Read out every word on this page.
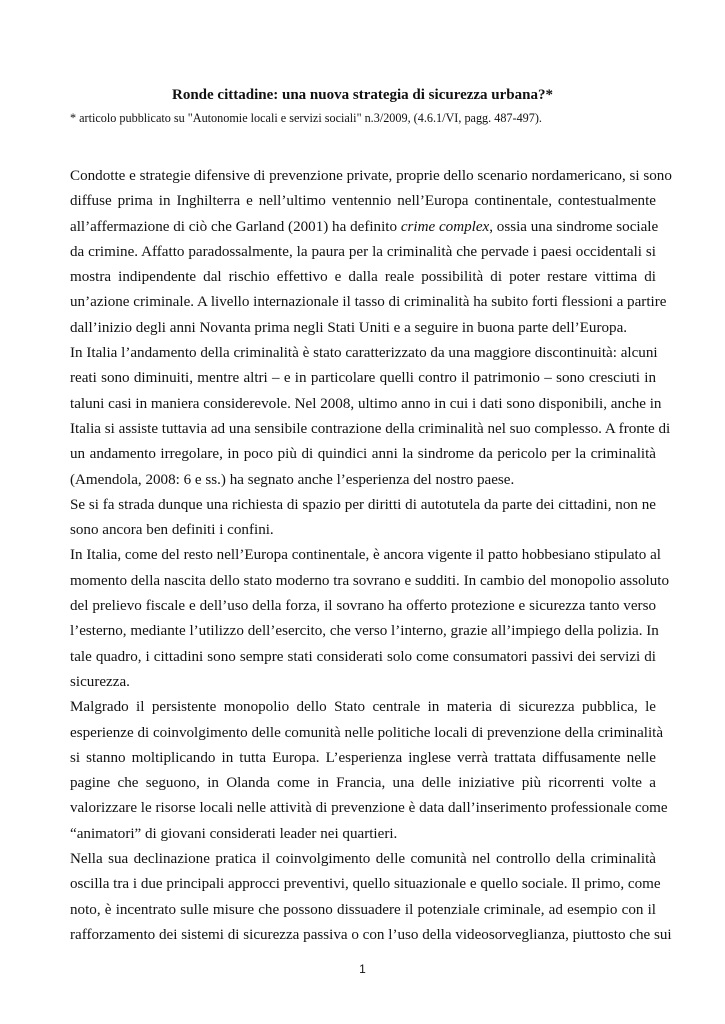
Ronde cittadine: una nuova strategia di sicurezza urbana?*
* articolo pubblicato su "Autonomie locali e servizi sociali" n.3/2009, (4.6.1/VI, pagg. 487-497).

Condotte e strategie difensive di prevenzione private, proprie dello scenario nordamericano, si sono
diffuse prima in Inghilterra e nell’ultimo ventennio nell’Europa continentale, contestualmente
all’affermazione di ciò che Garland (2001) ha definito crime complex, ossia una sindrome sociale
da crimine. Affatto paradossalmente, la paura per la criminalità che pervade i paesi occidentali si
mostra indipendente dal rischio effettivo e dalla reale possibilità di poter restare vittima di
un’azione criminale. A livello internazionale il tasso di criminalità ha subito forti flessioni a partire
dall’inizio degli anni Novanta prima negli Stati Uniti e a seguire in buona parte dell’Europa.

In Italia l’andamento della criminalità è stato caratterizzato da una maggiore discontinuità: alcuni
reati sono diminuiti, mentre altri – e in particolare quelli contro il patrimonio – sono cresciuti in
taluni casi in maniera considerevole. Nel 2008, ultimo anno in cui i dati sono disponibili, anche in
Italia si assiste tuttavia ad una sensibile contrazione della criminalità nel suo complesso. A fronte di
un andamento irregolare, in poco più di quindici anni la sindrome da pericolo per la criminalità
(Amendola, 2008: 6 e ss.) ha segnato anche l’esperienza del nostro paese.

Se si fa strada dunque una richiesta di spazio per diritti di autotutela da parte dei cittadini, non ne
sono ancora ben definiti i confini.

In Italia, come del resto nell’Europa continentale, è ancora vigente il patto hobbesiano stipulato al
momento della nascita dello stato moderno tra sovrano e sudditi. In cambio del monopolio assoluto
del prelievo fiscale e dell’uso della forza, il sovrano ha offerto protezione e sicurezza tanto verso
l’esterno, mediante l’utilizzo dell’esercito, che verso l’interno, grazie all’impiego della polizia. In
tale quadro, i cittadini sono sempre stati considerati solo come consumatori passivi dei servizi di
sicurezza.

Malgrado il persistente monopolio dello Stato centrale in materia di sicurezza pubblica, le
esperienze di coinvolgimento delle comunità nelle politiche locali di prevenzione della criminalità
si stanno moltiplicando in tutta Europa. L’esperienza inglese verrà trattata diffusamente nelle
pagine che seguono, in Olanda come in Francia, una delle iniziative più ricorrenti volte a
valorizzare le risorse locali nelle attività di prevenzione è data dall’inserimento professionale come
“animatori” di giovani considerati leader nei quartieri.

Nella sua declinazione pratica il coinvolgimento delle comunità nel controllo della criminalità
oscilla tra i due principali approcci preventivi, quello situazionale e quello sociale. Il primo, come
noto, è incentrato sulle misure che possono dissuadere il potenziale criminale, ad esempio con il
rafforzamento dei sistemi di sicurezza passiva o con l’uso della videosorveglianza, piuttosto che sui

1
